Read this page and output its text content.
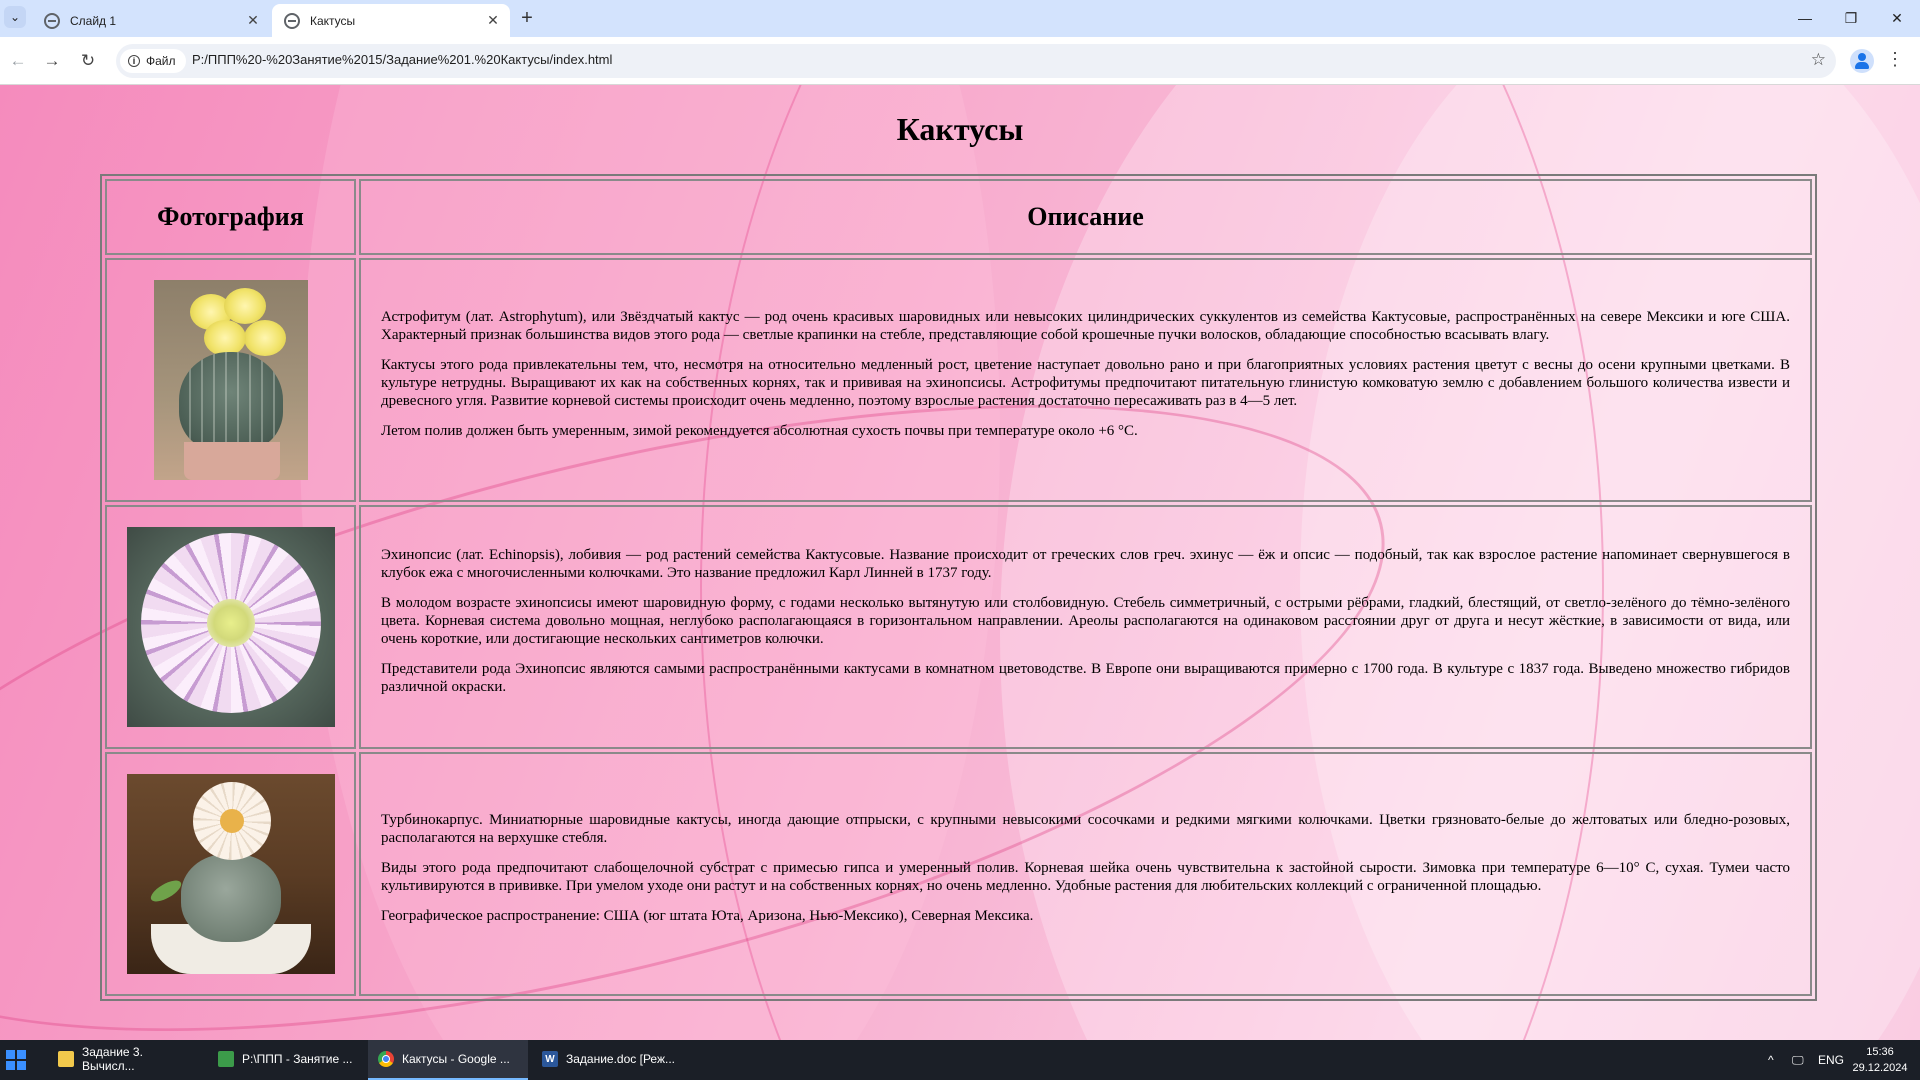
⌄	Слайд 1	✕	Кактусы	✕ +	— ❐ ✕
← → ↻	i Файл P:/ППП%20-%20Занятие%2015/Задание%201.%20Кактусы/index.html	☆	⋮
Кактусы
Фотография	Описание

	Астрофитум (лат. Astrophytum), или Звёздчатый кактус — род очень красивых шаровидных или невысоких цилиндрических суккулентов из семейства Кактусовые, распространённых на севере Мексики и юге США. Характерный признак большинства видов этого рода — светлые крапинки на стебле, представляющие собой крошечные пучки волосков, обладающие способностью всасывать влагу.

Кактусы этого рода привлекательны тем, что, несмотря на относительно медленный рост, цветение наступает довольно рано и при благоприятных условиях растения цветут с весны до осени крупными цветками. В культуре нетрудны. Выращивают их как на собственных корнях, так и прививая на эхинопсисы. Астрофитумы предпочитают питательную глинистую комковатую землю с добавлением большого количества извести и древесного угля. Развитие корневой системы происходит очень медленно, поэтому взрослые растения достаточно пересаживать раз в 4—5 лет.

Летом полив должен быть умеренным, зимой рекомендуется абсолютная сухость почвы при температуре около +6 °С.

	Эхинопсис (лат. Echinopsis), лобивия — род растений семейства Кактусовые. Название происходит от греческих слов греч. эхинус — ёж и опсис — подобный, так как взрослое растение напоминает свернувшегося в клубок ежа с многочисленными колючками. Это название предложил Карл Линней в 1737 году.

В молодом возрасте эхинопсисы имеют шаровидную форму, с годами несколько вытянутую или столбовидную. Стебель симметричный, с острыми рёбрами, гладкий, блестящий, от светло-зелёного до тёмно-зелёного цвета. Корневая система довольно мощная, неглубоко располагающаяся в горизонтальном направлении. Ареолы располагаются на одинаковом расстоянии друг от друга и несут жёсткие, в зависимости от вида, или очень короткие, или достигающие нескольких сантиметров колючки.

Представители рода Эхинопсис являются самыми распространёнными кактусами в комнатном цветоводстве. В Европе они выращиваются примерно с 1700 года. В культуре с 1837 года. Выведено множество гибридов различной окраски.

	Турбинокарпус. Миниатюрные шаровидные кактусы, иногда дающие отпрыски, с крупными невысокими сосочками и редкими мягкими колючками. Цветки грязновато-белые до желтоватых или бледно-розовых, располагаются на верхушке стебля.

Виды этого рода предпочитают слабощелочной субстрат с примесью гипса и умеренный полив. Корневая шейка очень чувствительна к застойной сырости. Зимовка при температуре 6—10° С, сухая. Тумеи часто культивируются в прививке. При умелом уходе они растут и на собственных корнях, но очень медленно. Удобные растения для любительских коллекций с ограниченной площадью.

Географическое распространение: США (юг штата Юта, Аризона, Нью-Мексико), Северная Мексика.

Задание 3. Вычисл...	P:\ППП - Занятие ...	Кактусы - Google ...	W Задание.doc [Реж...	^ 🖵 ENG
15:36
29.12.2024
